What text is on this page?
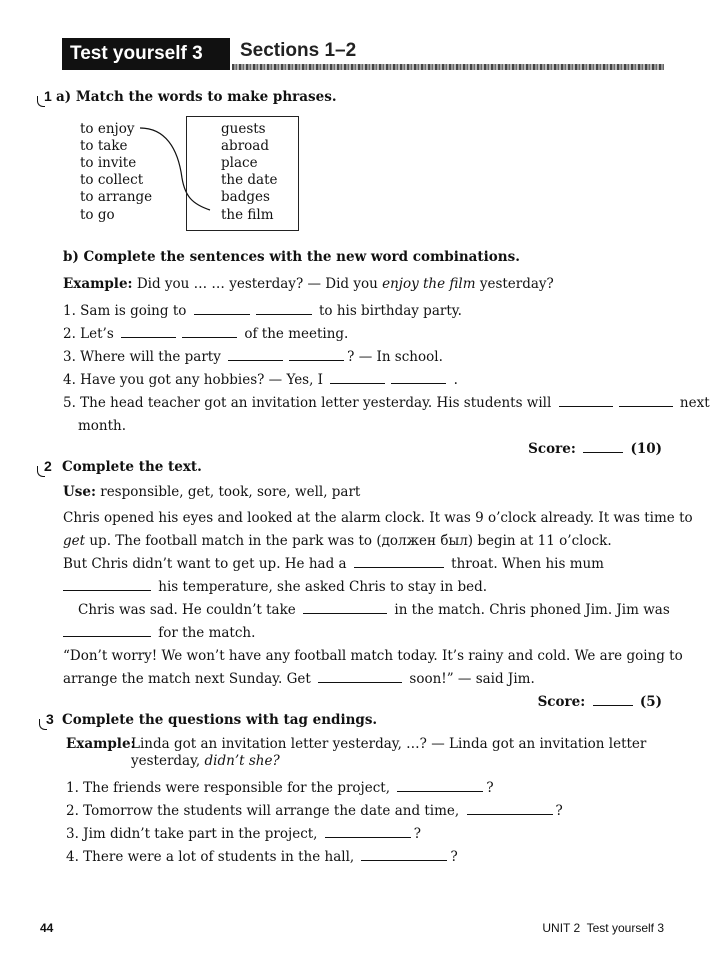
Test yourself 3	Sections 1–2
1 a) Match the words to make phrases.
to enjoy
to take
to invite
to collect
to arrange
to go
guests
abroad
place
the date
badges
the film
b) Complete the sentences with the new word combinations.
Example: Did you … … yesterday? — Did you enjoy the film yesterday?
1. Sam is going to	to his birthday party.
2. Let’s	of the meeting.
3. Where will the party	? — In school.
4. Have you got any hobbies? — Yes, I	.
5. The head teacher got an invitation letter yesterday. His students will	next
month.
Score:	(10)
2 Complete the text.
Use: responsible, get, took, sore, well, part
Chris opened his eyes and looked at the alarm clock. It was 9 o’clock already. It was time to
get up. The football match in the park was to (должен был) begin at 11 o’clock.
But Chris didn’t want to get up. He had a	throat. When his mum
his temperature, she asked Chris to stay in bed.
Chris was sad. He couldn’t take	in the match. Chris phoned Jim. Jim was
for the match.
“Don’t worry! We won’t have any football match today. It’s rainy and cold. We are going to
arrange the match next Sunday. Get	soon!” — said Jim.
Score:	(5)
3 Complete the questions with tag endings.
Example:
Linda got an invitation letter yesterday, …? — Linda got an invitation letter
yesterday, didn’t she?
1. The friends were responsible for the project,	?
2. Tomorrow the students will arrange the date and time,	?
3. Jim didn’t take part in the project,	?
4. There were a lot of students in the hall,	?
44	UNIT 2  Test yourself 3
